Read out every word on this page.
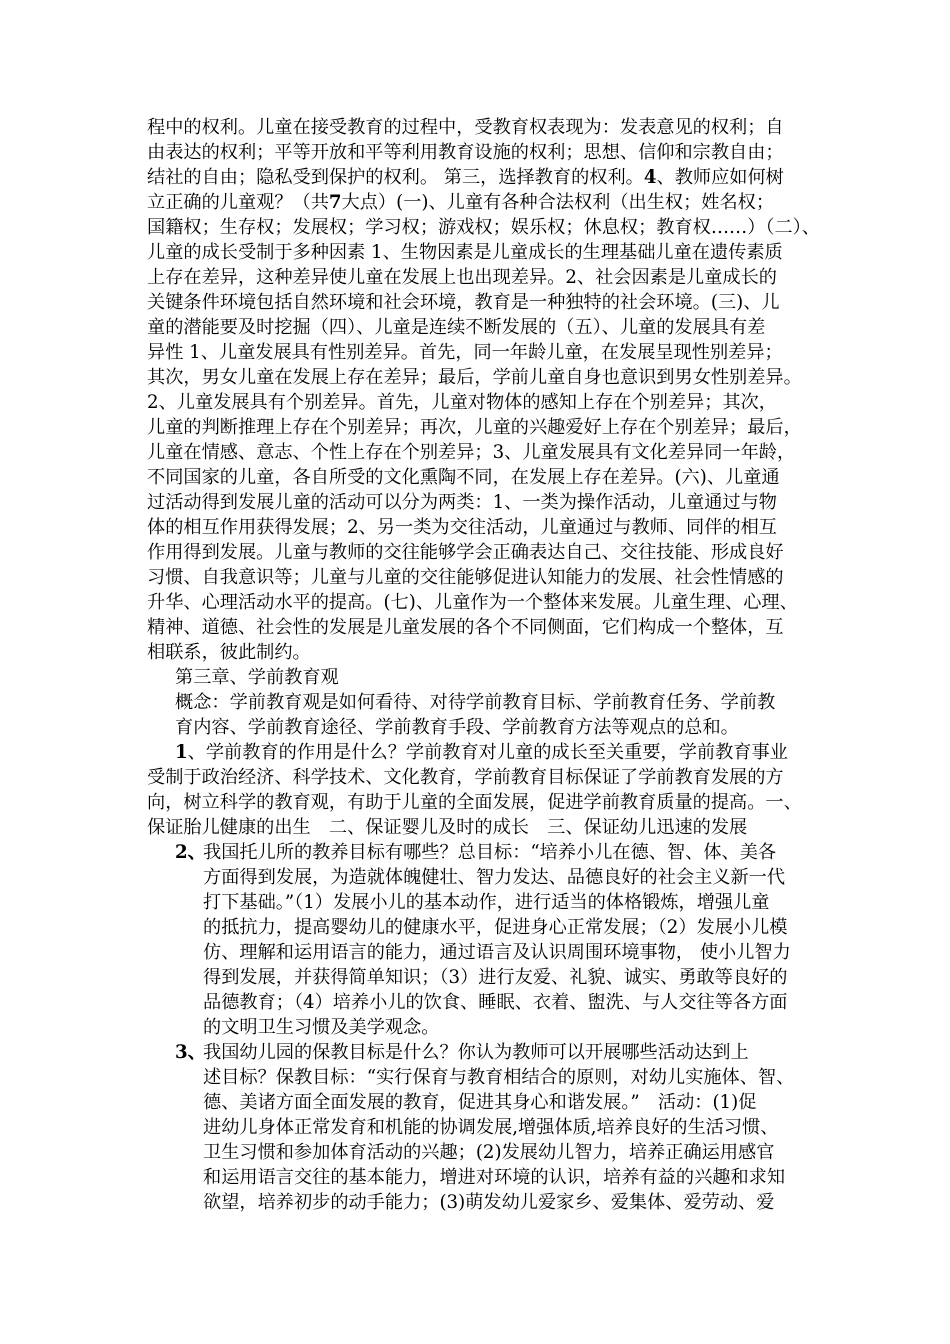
程中的权利。儿童在接受教育的过程中，受教育权表现为：发表意见的权利；自
由表达的权利；平等开放和平等利用教育设施的权利；思想、信仰和宗教自由；
结社的自由；隐私受到保护的权利。 第三，选择教育的权利。4、教师应如何树
立正确的儿童观？（共7大点）(一)、儿童有各种合法权利（出生权；姓名权；
国籍权；生存权；发展权；学习权；游戏权；娱乐权；休息权；教育权……）（二）、
儿童的成长受制于多种因素 1、生物因素是儿童成长的生理基础儿童在遗传素质
上存在差异，这种差异使儿童在发展上也出现差异。2、社会因素是儿童成长的
关键条件环境包括自然环境和社会环境，教育是一种独特的社会环境。(三)、儿
童的潜能要及时挖掘（四）、儿童是连续不断发展的（五）、儿童的发展具有差
异性 1、儿童发展具有性别差异。首先，同一年龄儿童，在发展呈现性别差异；
其次，男女儿童在发展上存在差异；最后，学前儿童自身也意识到男女性别差异。
2、儿童发展具有个别差异。首先，儿童对物体的感知上存在个别差异；其次，
儿童的判断推理上存在个别差异；再次，儿童的兴趣爱好上存在个别差异；最后，
儿童在情感、意志、个性上存在个别差异；3、儿童发展具有文化差异同一年龄，
不同国家的儿童，各自所受的文化熏陶不同，在发展上存在差异。(六)、儿童通
过活动得到发展儿童的活动可以分为两类：1、一类为操作活动，儿童通过与物
体的相互作用获得发展；2、另一类为交往活动，儿童通过与教师、同伴的相互
作用得到发展。儿童与教师的交往能够学会正确表达自己、交往技能、形成良好
习惯、自我意识等；儿童与儿童的交往能够促进认知能力的发展、社会性情感的
升华、心理活动水平的提高。(七)、儿童作为一个整体来发展。儿童生理、心理、
精神、道德、社会性的发展是儿童发展的各个不同侧面，它们构成一个整体，互
相联系，彼此制约。
第三章、学前教育观
概念：学前教育观是如何看待、对待学前教育目标、学前教育任务、学前教
育内容、学前教育途径、学前教育手段、学前教育方法等观点的总和。
1、学前教育的作用是什么？学前教育对儿童的成长至关重要，学前教育事业
受制于政治经济、科学技术、文化教育，学前教育目标保证了学前教育发展的方
向，树立科学的教育观，有助于儿童的全面发展，促进学前教育质量的提高。一、
保证胎儿健康的出生　二、保证婴儿及时的成长　三、保证幼儿迅速的发展
2、
我国托儿所的教养目标有哪些？总目标：“培养小儿在德、智、体、美各
方面得到发展，为造就体魄健壮、智力发达、品德良好的社会主义新一代
打下基础。”（1）发展小儿的基本动作，进行适当的体格锻炼，增强儿童
的抵抗力，提高婴幼儿的健康水平，促进身心正常发展；（2）发展小儿模
仿、理解和运用语言的能力，通过语言及认识周围环境事物， 使小儿智力
得到发展，并获得简单知识；（3）进行友爱、礼貌、诚实、勇敢等良好的
品德教育；（4）培养小儿的饮食、睡眠、衣着、盥洗、与人交往等各方面
的文明卫生习惯及美学观念。
3、
我国幼儿园的保教目标是什么？你认为教师可以开展哪些活动达到上
述目标？保教目标：“实行保育与教育相结合的原则，对幼儿实施体、智、
德、美诸方面全面发展的教育，促进其身心和谐发展。”　活动：(1)促
进幼儿身体正常发育和机能的协调发展,增强体质,培养良好的生活习惯、
卫生习惯和参加体育活动的兴趣；(2)发展幼儿智力，培养正确运用感官
和运用语言交往的基本能力，增进对环境的认识，培养有益的兴趣和求知
欲望，培养初步的动手能力；(3)萌发幼儿爱家乡、爱集体、爱劳动、爱
